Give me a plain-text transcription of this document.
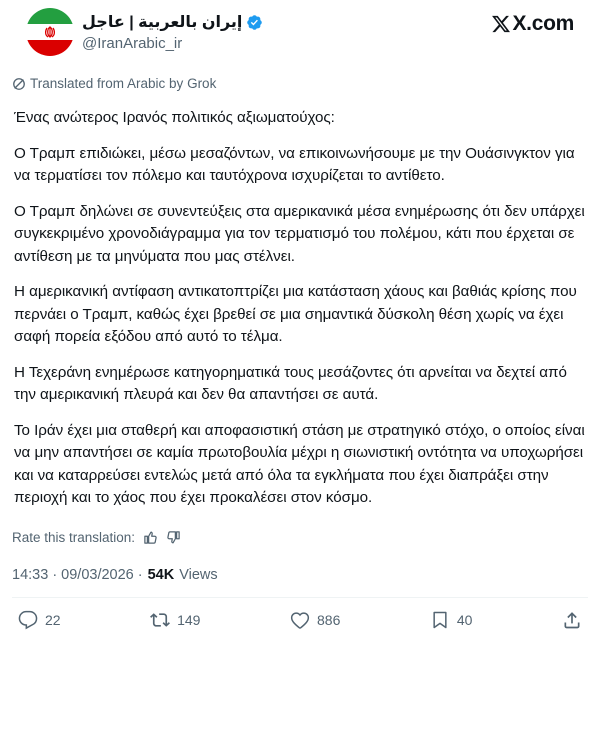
إيران بالعربية | عاجل
@IranArabic_ir
X.com
Translated from Arabic by Grok

Ένας ανώτερος Ιρανός πολιτικός αξιωματούχος:

Ο Τραμπ επιδιώκει, μέσω μεσαζόντων, να επικοινωνήσουμε με την Ουάσινγκτον για να τερματίσει τον πόλεμο και ταυτόχρονα ισχυρίζεται το αντίθετο.

Ο Τραμπ δηλώνει σε συνεντεύξεις στα αμερικανικά μέσα ενημέρωσης ότι δεν υπάρχει συγκεκριμένο χρονοδιάγραμμα για τον τερματισμό του πολέμου, κάτι που έρχεται σε αντίθεση με τα μηνύματα που μας στέλνει.

Η αμερικανική αντίφαση αντικατοπτρίζει μια κατάσταση χάους και βαθιάς κρίσης που περνάει ο Τραμπ, καθώς έχει βρεθεί σε μια σημαντικά δύσκολη θέση χωρίς να έχει σαφή πορεία εξόδου από αυτό το τέλμα.

Η Τεχεράνη ενημέρωσε κατηγορηματικά τους μεσάζοντες ότι αρνείται να δεχτεί από την αμερικανική πλευρά και δεν θα απαντήσει σε αυτά.

Το Ιράν έχει μια σταθερή και αποφασιστική στάση με στρατηγικό στόχο, ο οποίος είναι να μην απαντήσει σε καμία πρωτοβουλία μέχρι η σιωνιστική οντότητα να υποχωρήσει και να καταρρεύσει εντελώς μετά από όλα τα εγκλήματα που έχει διαπράξει στην περιοχή και το χάος που έχει προκαλέσει στον κόσμο.

Rate this translation:
14:33 · 09/03/2026 · 54K Views
22	149	886	40
